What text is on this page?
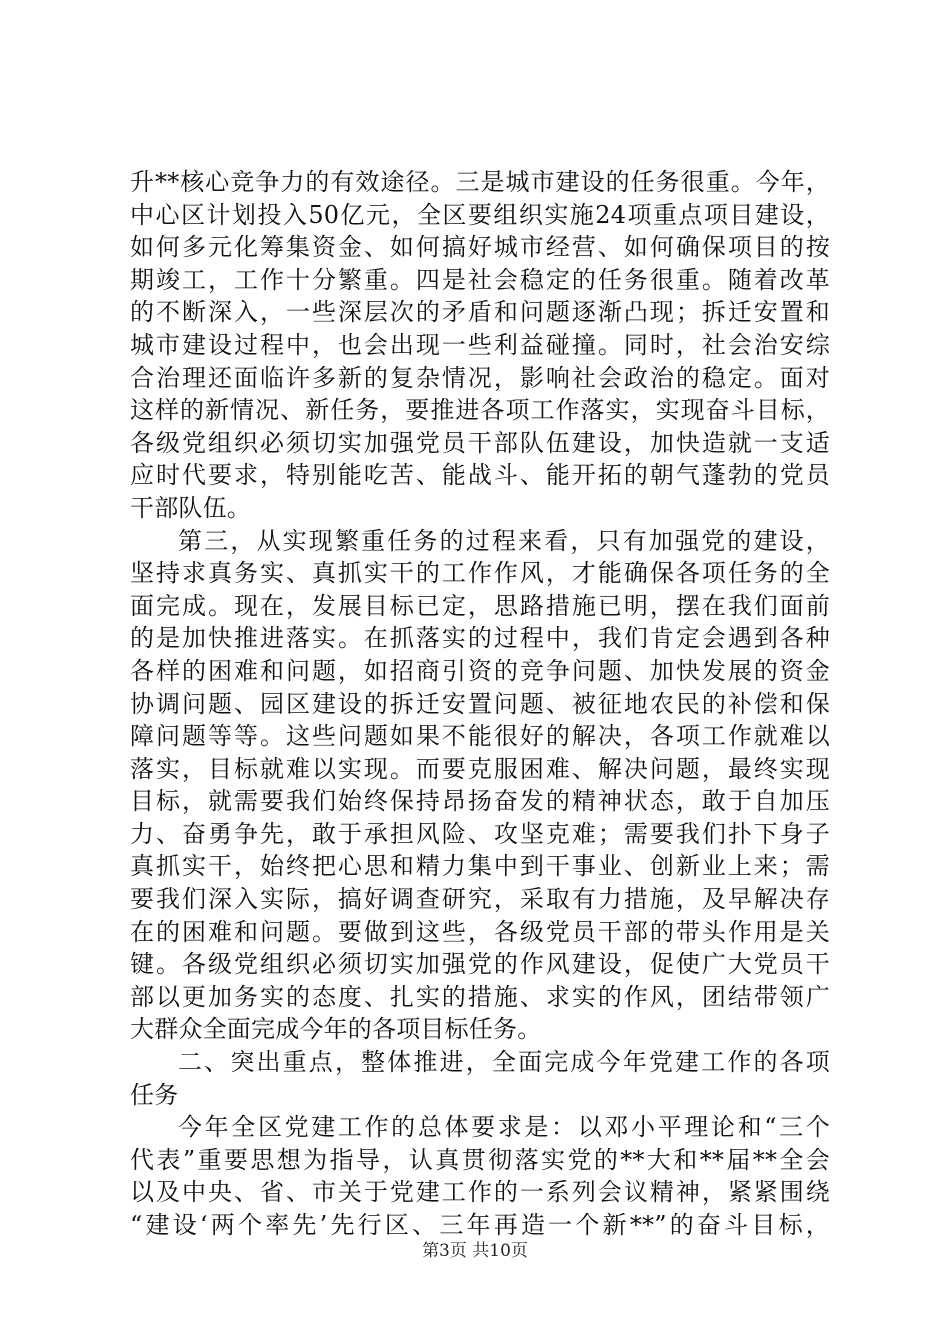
升**核心竞争力的有效途径。三是城市建设的任务很重。今年，
中心区计划投入50亿元，全区要组织实施24项重点项目建设，
如何多元化筹集资金、如何搞好城市经营、如何确保项目的按
期竣工，工作十分繁重。四是社会稳定的任务很重。随着改革
的不断深入，一些深层次的矛盾和问题逐渐凸现；拆迁安置和
城市建设过程中，也会出现一些利益碰撞。同时，社会治安综
合治理还面临许多新的复杂情况，影响社会政治的稳定。面对
这样的新情况、新任务，要推进各项工作落实，实现奋斗目标，
各级党组织必须切实加强党员干部队伍建设，加快造就一支适
应时代要求，特别能吃苦、能战斗、能开拓的朝气蓬勃的党员
干部队伍。
第三，从实现繁重任务的过程来看，只有加强党的建设，
坚持求真务实、真抓实干的工作作风，才能确保各项任务的全
面完成。现在，发展目标已定，思路措施已明，摆在我们面前
的是加快推进落实。在抓落实的过程中，我们肯定会遇到各种
各样的困难和问题，如招商引资的竞争问题、加快发展的资金
协调问题、园区建设的拆迁安置问题、被征地农民的补偿和保
障问题等等。这些问题如果不能很好的解决，各项工作就难以
落实，目标就难以实现。而要克服困难、解决问题，最终实现
目标，就需要我们始终保持昂扬奋发的精神状态，敢于自加压
力、奋勇争先，敢于承担风险、攻坚克难；需要我们扑下身子
真抓实干，始终把心思和精力集中到干事业、创新业上来；需
要我们深入实际，搞好调查研究，采取有力措施，及早解决存
在的困难和问题。要做到这些，各级党员干部的带头作用是关
键。各级党组织必须切实加强党的作风建设，促使广大党员干
部以更加务实的态度、扎实的措施、求实的作风，团结带领广
大群众全面完成今年的各项目标任务。
二、突出重点，整体推进，全面完成今年党建工作的各项
任务
今年全区党建工作的总体要求是：以邓小平理论和“三个
代表”重要思想为指导，认真贯彻落实党的**大和**届**全会
以及中央、省、市关于党建工作的一系列会议精神，紧紧围绕
“建设‘两个率先’先行区、三年再造一个新**”的奋斗目标，
第3页 共10页
